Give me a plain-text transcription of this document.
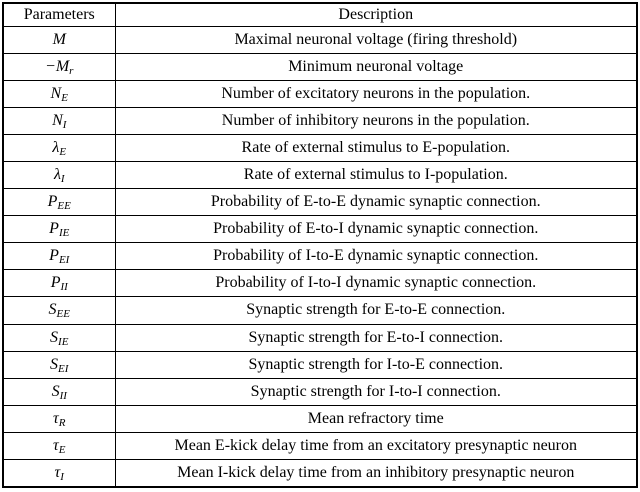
Parameters	Description
M	Maximal neuronal voltage (firing threshold)
$-M_r$	Minimum neuronal voltage
$N_E$	Number of excitatory neurons in the population.
$N_I$	Number of inhibitory neurons in the population.
$\lambda_E$	Rate of external stimulus to E-population.
$\lambda_I$	Rate of external stimulus to I-population.
$P_{EE}$	Probability of E-to-E dynamic synaptic connection.
$P_{IE}$	Probability of E-to-I dynamic synaptic connection.
$P_{EI}$	Probability of I-to-E dynamic synaptic connection.
$P_{II}$	Probability of I-to-I dynamic synaptic connection.
$S_{EE}$	Synaptic strength for E-to-E connection.
$S_{IE}$	Synaptic strength for E-to-I connection.
$S_{EI}$	Synaptic strength for I-to-E connection.
$S_{II}$	Synaptic strength for I-to-I connection.
$\tau_R$	Mean refractory time
$\tau_E$	Mean E-kick delay time from an excitatory presynaptic neuron
$\tau_I$	Mean I-kick delay time from an inhibitory presynaptic neuron
